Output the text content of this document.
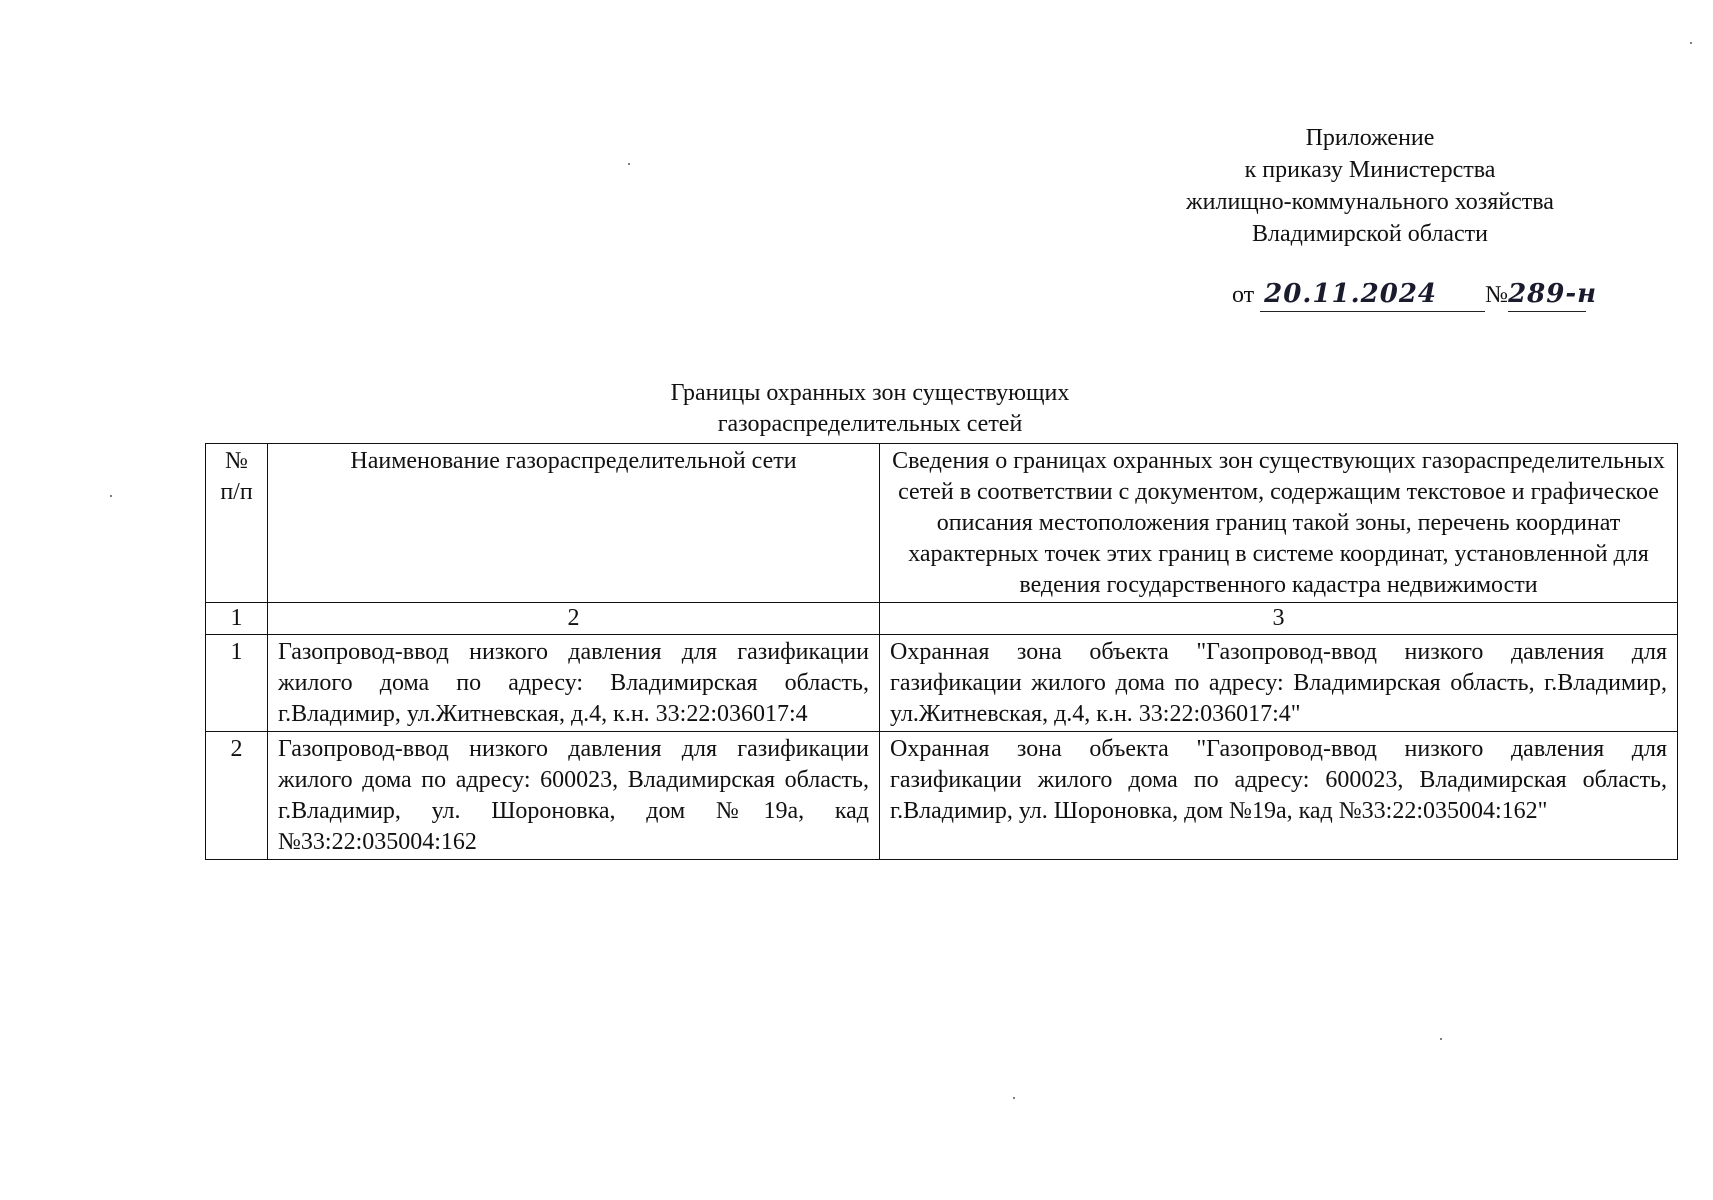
Приложение
к приказу Министерства
жилищно-коммунального хозяйства
Владимирской области
от 20.11.2024 №289-н
Границы охранных зон существующих
газораспределительных сетей
№ п/п	Наименование газораспределительной сети	Сведения о границах охранных зон существующих газораспределительных сетей в соответствии с документом, содержащим текстовое и графическое описания местоположения границ такой зоны, перечень координат характерных точек этих границ в системе координат, установленной для ведения государственного кадастра недвижимости
1	2	3
1	Газопровод-ввод низкого давления для газификации жилого дома по адресу: Владимирская область, г.Владимир, ул.Житневская, д.4, к.н. 33:22:036017:4	Охранная зона объекта "Газопровод-ввод низкого давления для газификации жилого дома по адресу: Владимирская область, г.Владимир, ул.Житневская, д.4, к.н. 33:22:036017:4"
2	Газопровод-ввод низкого давления для газификации жилого дома по адресу: 600023, Владимирская область, г.Владимир, ул. Шороновка, дом №19а, кад №33:22:035004:162	Охранная зона объекта "Газопровод-ввод низкого давления для газификации жилого дома по адресу: 600023, Владимирская область, г.Владимир, ул. Шороновка, дом №19а, кад №33:22:035004:162"
